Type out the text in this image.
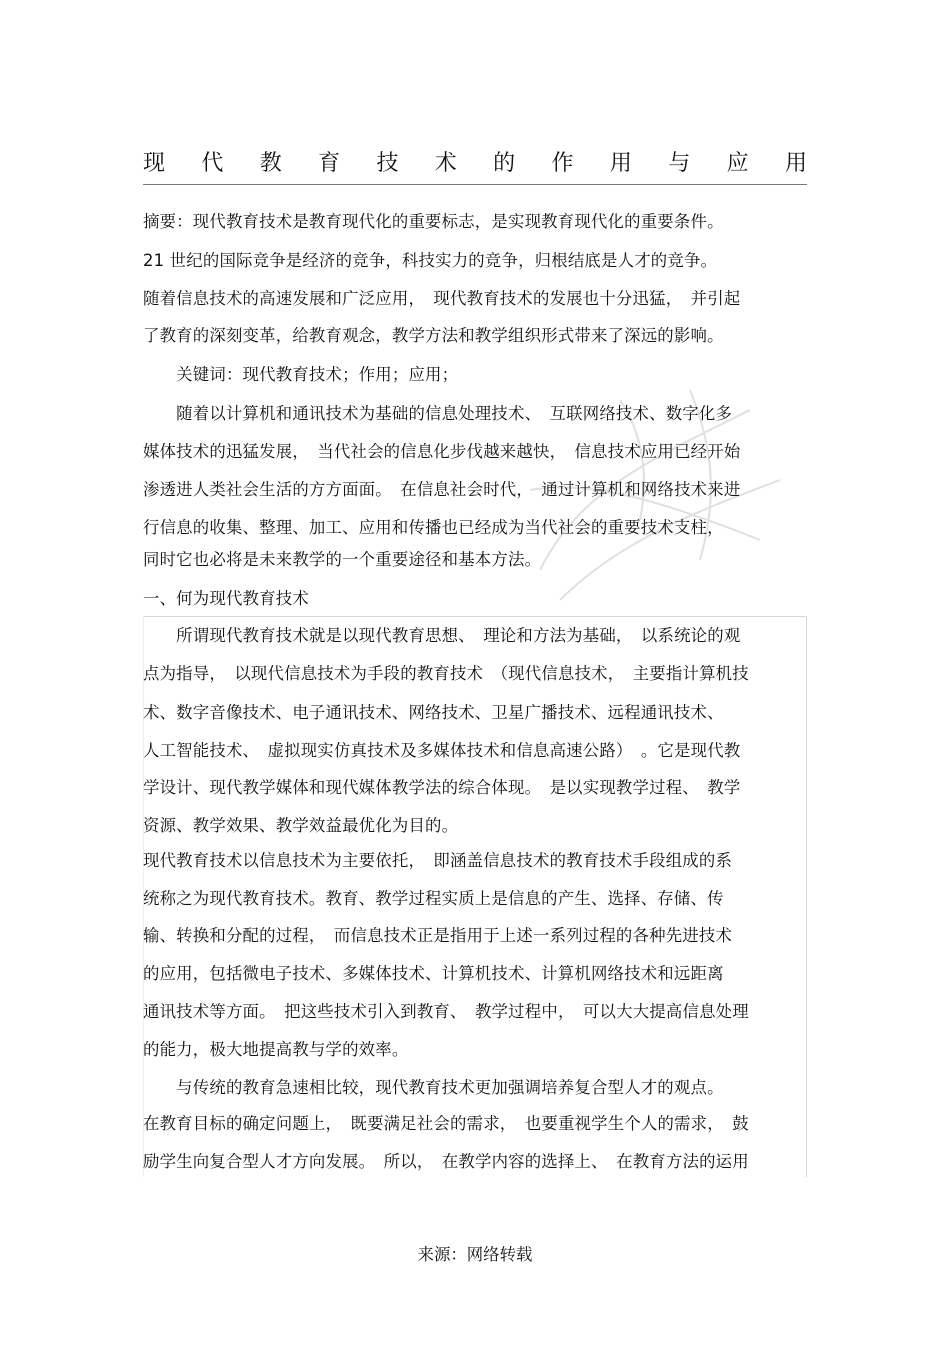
现 代 教 育 技 术 的 作 用 与 应 用
摘要：现代教育技术是教育现代化的重要标志，是实现教育现代化的重要条件。
21 世纪的国际竞争是经济的竞争，科技实力的竞争，归根结底是人才的竞争。
随着信息技术的高速发展和广泛应用，　现代教育技术的发展也十分迅猛，　并引起
了教育的深刻变革，给教育观念，教学方法和教学组织形式带来了深远的影响。
　　关键词：现代教育技术；作用；应用；
　　随着以计算机和通讯技术为基础的信息处理技术、　互联网络技术、数字化多
媒体技术的迅猛发展，　当代社会的信息化步伐越来越快，　信息技术应用已经开始
渗透进人类社会生活的方方面面。　在信息社会时代，　通过计算机和网络技术来进
行信息的收集、整理、加工、应用和传播也已经成为当代社会的重要技术支柱，
同时它也必将是未来教学的一个重要途径和基本方法。
一、何为现代教育技术
　　所谓现代教育技术就是以现代教育思想、　理论和方法为基础，　以系统论的观
点为指导，　以现代信息技术为手段的教育技术　（现代信息技术，　主要指计算机技
术、数字音像技术、电子通讯技术、网络技术、卫星广播技术、远程通讯技术、
人工智能技术、　虚拟现实仿真技术及多媒体技术和信息高速公路）　。它是现代教
学设计、现代教学媒体和现代媒体教学法的综合体现。　是以实现教学过程、　教学
资源、教学效果、教学效益最优化为目的。
现代教育技术以信息技术为主要依托，　即涵盖信息技术的教育技术手段组成的系
统称之为现代教育技术。教育、教学过程实质上是信息的产生、选择、存储、传
输、转换和分配的过程，　而信息技术正是指用于上述一系列过程的各种先进技术
的应用，包括微电子技术、多媒体技术、计算机技术、计算机网络技术和远距离
通讯技术等方面。　把这些技术引入到教育、　教学过程中，　可以大大提高信息处理
的能力，极大地提高教与学的效率。
　　与传统的教育急速相比较，现代教育技术更加强调培养复合型人才的观点。
在教育目标的确定问题上，　既要满足社会的需求，　也要重视学生个人的需求，　鼓
励学生向复合型人才方向发展。　所以，　在教学内容的选择上、　在教育方法的运用
来源：网络转载
